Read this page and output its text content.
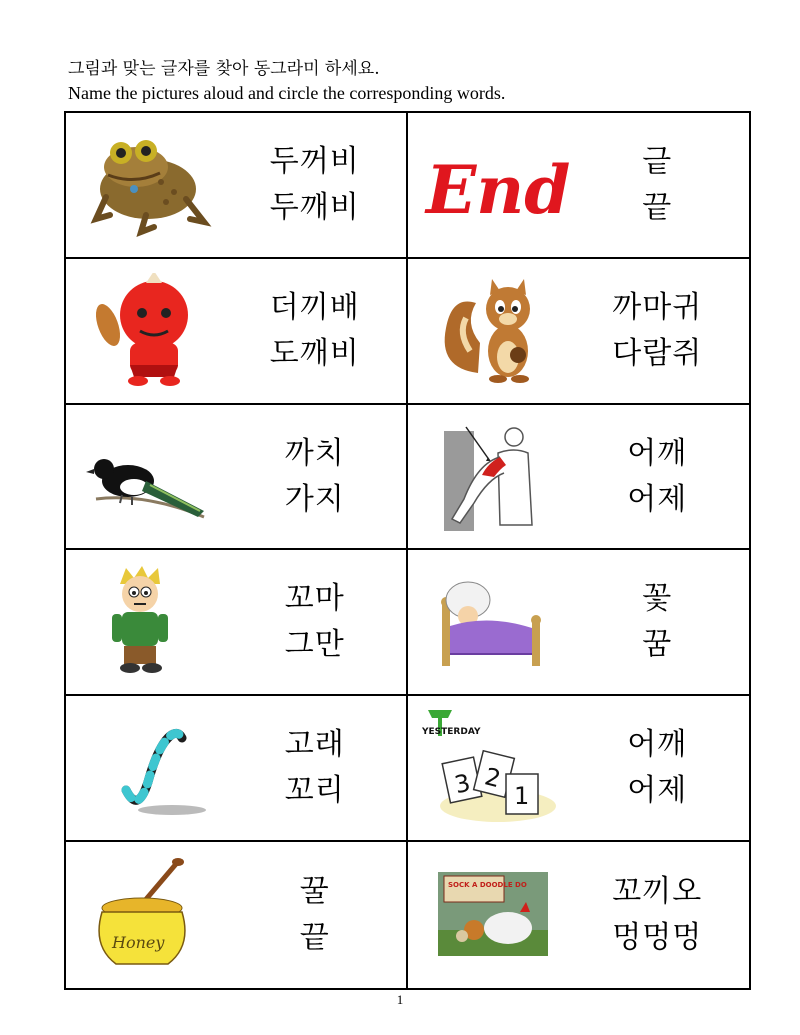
그림과 맞는 글자를 찾아 동그라미 하세요.
Name the pictures aloud and circle the corresponding words.
두꺼비
두깨비 End 긑
끝
더끼배
도깨비
까마귀
다람쥐
까치
가지
어깨
어제
꼬마
그만
꽃
꿈
고래
꼬리
YESTERDAY
3 2
1
어깨
어제
Honey
꿀
끝
SOCK A DOODLE DO	꼬끼오
멍멍멍
1
